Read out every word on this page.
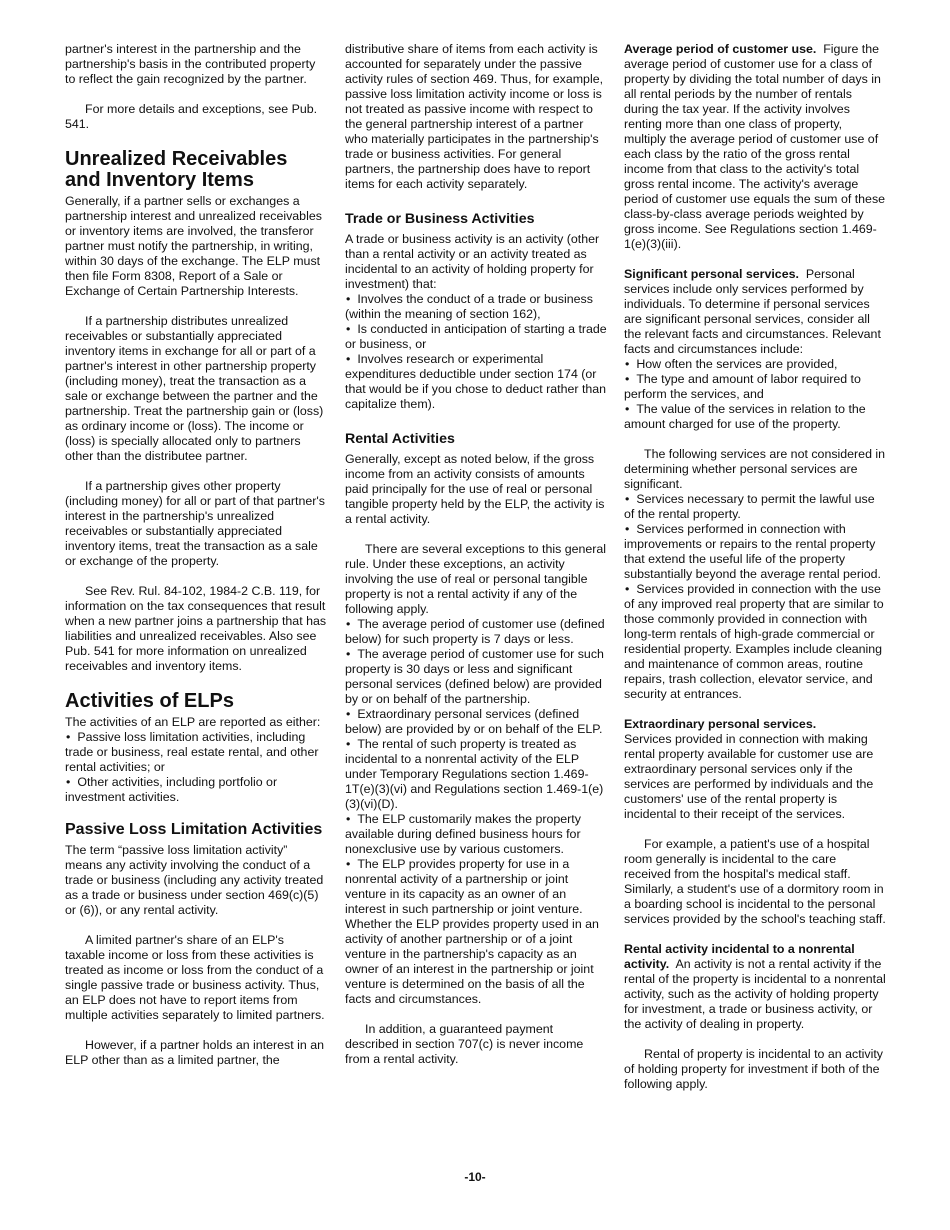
partner's interest in the partnership and the partnership's basis in the contributed property to reflect the gain recognized by the partner.

For more details and exceptions, see Pub. 541.

Unrealized Receivables and Inventory Items

Generally, if a partner sells or exchanges a partnership interest and unrealized receivables or inventory items are involved, the transferor partner must notify the partnership, in writing, within 30 days of the exchange. The ELP must then file Form 8308, Report of a Sale or Exchange of Certain Partnership Interests.

If a partnership distributes unrealized receivables or substantially appreciated inventory items in exchange for all or part of a partner's interest in other partnership property (including money), treat the transaction as a sale or exchange between the partner and the partnership. Treat the partnership gain or (loss) as ordinary income or (loss). The income or (loss) is specially allocated only to partners other than the distributee partner.

If a partnership gives other property (including money) for all or part of that partner's interest in the partnership's unrealized receivables or substantially appreciated inventory items, treat the transaction as a sale or exchange of the property.

See Rev. Rul. 84-102, 1984-2 C.B. 119, for information on the tax consequences that result when a new partner joins a partnership that has liabilities and unrealized receivables. Also see Pub. 541 for more information on unrealized receivables and inventory items.

Activities of ELPs

The activities of an ELP are reported as either:

• Passive loss limitation activities, including trade or business, real estate rental, and other rental activities; or

• Other activities, including portfolio or investment activities.

Passive Loss Limitation Activities

The term “passive loss limitation activity” means any activity involving the conduct of a trade or business (including any activity treated as a trade or business under section 469(c)(5) or (6)), or any rental activity.

A limited partner's share of an ELP's taxable income or loss from these activities is treated as income or loss from the conduct of a single passive trade or business activity. Thus, an ELP does not have to report items from multiple activities separately to limited partners.

However, if a partner holds an interest in an ELP other than as a limited partner, the

distributive share of items from each activity is accounted for separately under the passive activity rules of section 469. Thus, for example, passive loss limitation activity income or loss is not treated as passive income with respect to the general partnership interest of a partner who materially participates in the partnership's trade or business activities. For general partners, the partnership does have to report items for each activity separately.

Trade or Business Activities

A trade or business activity is an activity (other than a rental activity or an activity treated as incidental to an activity of holding property for investment) that:

• Involves the conduct of a trade or business (within the meaning of section 162),

• Is conducted in anticipation of starting a trade or business, or

• Involves research or experimental expenditures deductible under section 174 (or that would be if you chose to deduct rather than capitalize them).

Rental Activities

Generally, except as noted below, if the gross income from an activity consists of amounts paid principally for the use of real or personal tangible property held by the ELP, the activity is a rental activity.

There are several exceptions to this general rule. Under these exceptions, an activity involving the use of real or personal tangible property is not a rental activity if any of the following apply.

• The average period of customer use (defined below) for such property is 7 days or less.

• The average period of customer use for such property is 30 days or less and significant personal services (defined below) are provided by or on behalf of the partnership.

• Extraordinary personal services (defined below) are provided by or on behalf of the ELP.

• The rental of such property is treated as incidental to a nonrental activity of the ELP under Temporary Regulations section 1.469-1T(e)(3)(vi) and Regulations section 1.469-1(e)(3)(vi)(D).

• The ELP customarily makes the property available during defined business hours for nonexclusive use by various customers.

• The ELP provides property for use in a nonrental activity of a partnership or joint venture in its capacity as an owner of an interest in such partnership or joint venture. Whether the ELP provides property used in an activity of another partnership or of a joint venture in the partnership's capacity as an owner of an interest in the partnership or joint venture is determined on the basis of all the facts and circumstances.

In addition, a guaranteed payment described in section 707(c) is never income from a rental activity.

Average period of customer use. Figure the average period of customer use for a class of property by dividing the total number of days in all rental periods by the number of rentals during the tax year. If the activity involves renting more than one class of property, multiply the average period of customer use of each class by the ratio of the gross rental income from that class to the activity's total gross rental income. The activity's average period of customer use equals the sum of these class-by-class average periods weighted by gross income. See Regulations section 1.469-1(e)(3)(iii).

Significant personal services. Personal services include only services performed by individuals. To determine if personal services are significant personal services, consider all the relevant facts and circumstances. Relevant facts and circumstances include:

• How often the services are provided,

• The type and amount of labor required to perform the services, and

• The value of the services in relation to the amount charged for use of the property.

The following services are not considered in determining whether personal services are significant.

• Services necessary to permit the lawful use of the rental property.

• Services performed in connection with improvements or repairs to the rental property that extend the useful life of the property substantially beyond the average rental period.

• Services provided in connection with the use of any improved real property that are similar to those commonly provided in connection with long-term rentals of high-grade commercial or residential property. Examples include cleaning and maintenance of common areas, routine repairs, trash collection, elevator service, and security at entrances.

Extraordinary personal services.
Services provided in connection with making rental property available for customer use are extraordinary personal services only if the services are performed by individuals and the customers' use of the rental property is incidental to their receipt of the services.

For example, a patient's use of a hospital room generally is incidental to the care received from the hospital's medical staff. Similarly, a student's use of a dormitory room in a boarding school is incidental to the personal services provided by the school's teaching staff.

Rental activity incidental to a nonrental activity. An activity is not a rental activity if the rental of the property is incidental to a nonrental activity, such as the activity of holding property for investment, a trade or business activity, or the activity of dealing in property.

Rental of property is incidental to an activity of holding property for investment if both of the following apply.

-10-
